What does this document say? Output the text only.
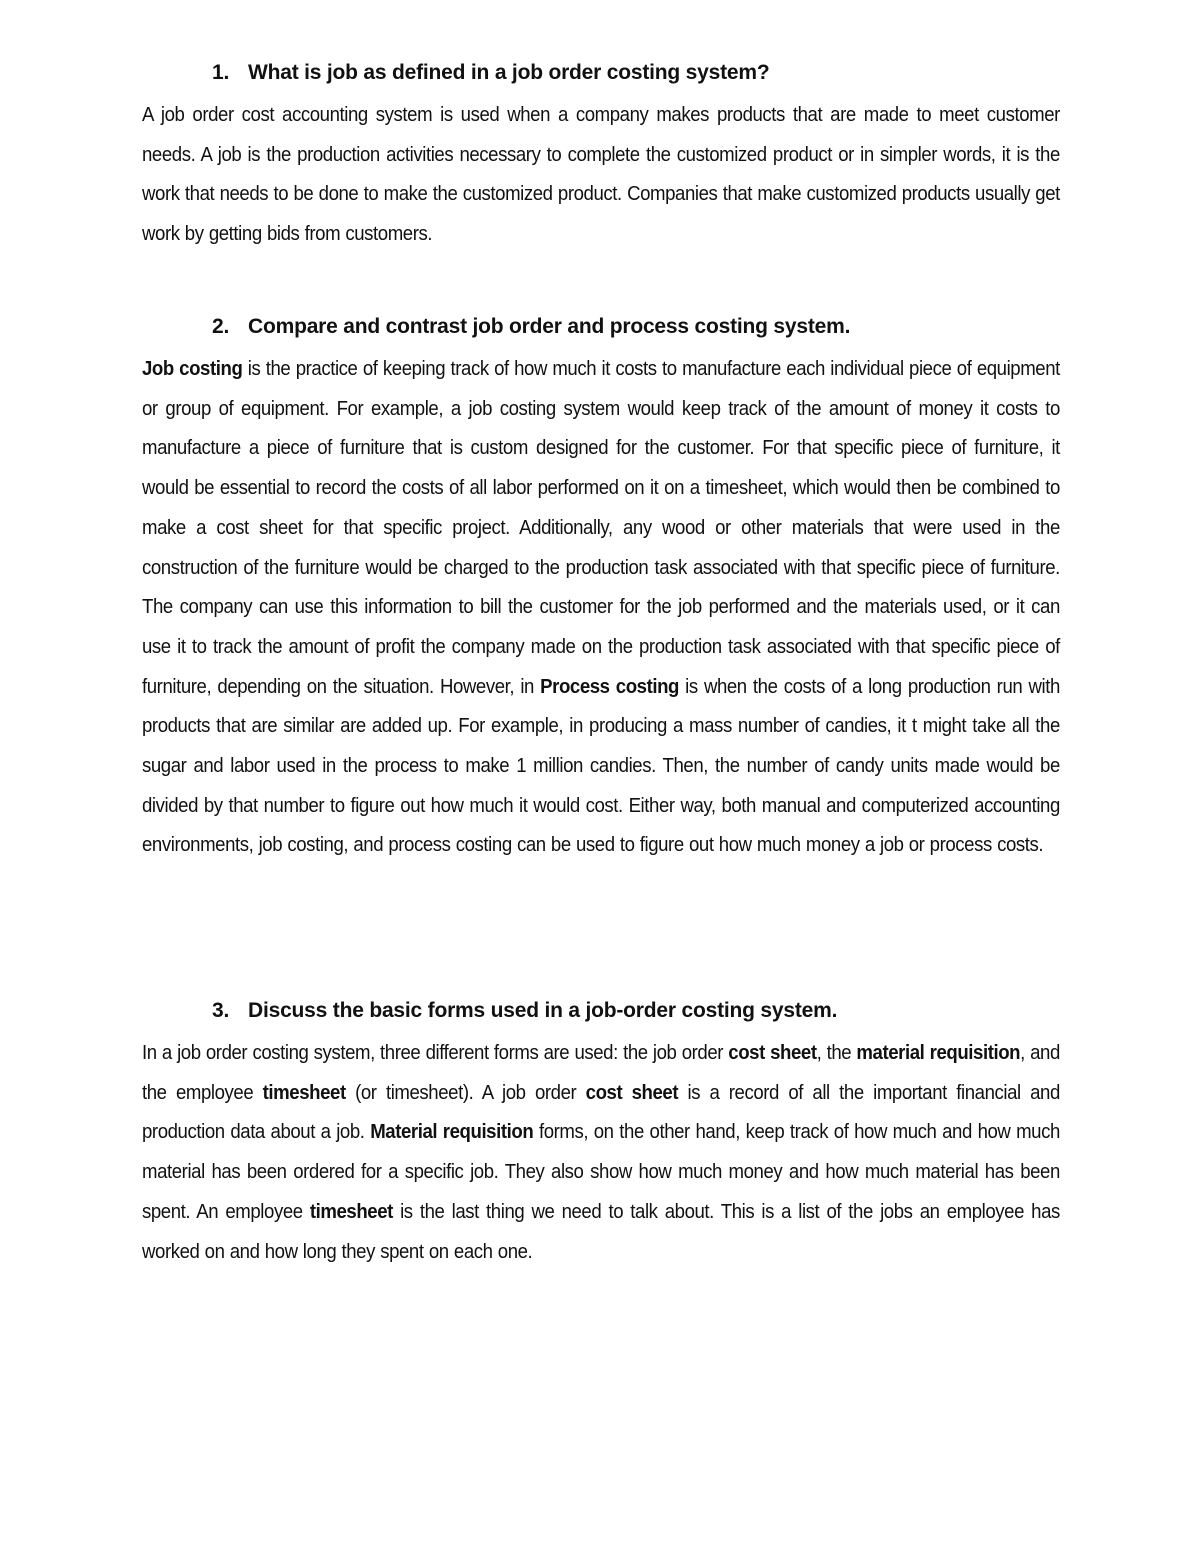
1. What is job as defined in a job order costing system?

A job order cost accounting system is used when a company makes products that are made to meet customer needs. A job is the production activities necessary to complete the customized product or in simpler words, it is the work that needs to be done to make the customized product. Companies that make customized products usually get work by getting bids from customers.

2. Compare and contrast job order and process costing system.

Job costing is the practice of keeping track of how much it costs to manufacture each individual piece of equipment or group of equipment. For example, a job costing system would keep track of the amount of money it costs to manufacture a piece of furniture that is custom designed for the customer. For that specific piece of furniture, it would be essential to record the costs of all labor performed on it on a timesheet, which would then be combined to make a cost sheet for that specific project. Additionally, any wood or other materials that were used in the construction of the furniture would be charged to the production task associated with that specific piece of furniture. The company can use this information to bill the customer for the job performed and the materials used, or it can use it to track the amount of profit the company made on the production task associated with that specific piece of furniture, depending on the situation. However, in Process costing is when the costs of a long production run with products that are similar are added up. For example, in producing a mass number of candies, it t might take all the sugar and labor used in the process to make 1 million candies. Then, the number of candy units made would be divided by that number to figure out how much it would cost. Either way, both manual and computerized accounting environments, job costing, and process costing can be used to figure out how much money a job or process costs.

3. Discuss the basic forms used in a job-order costing system.

In a job order costing system, three different forms are used: the job order cost sheet, the material requisition, and the employee timesheet (or timesheet). A job order cost sheet is a record of all the important financial and production data about a job. Material requisition forms, on the other hand, keep track of how much and how much material has been ordered for a specific job. They also show how much money and how much material has been spent. An employee timesheet is the last thing we need to talk about. This is a list of the jobs an employee has worked on and how long they spent on each one.
